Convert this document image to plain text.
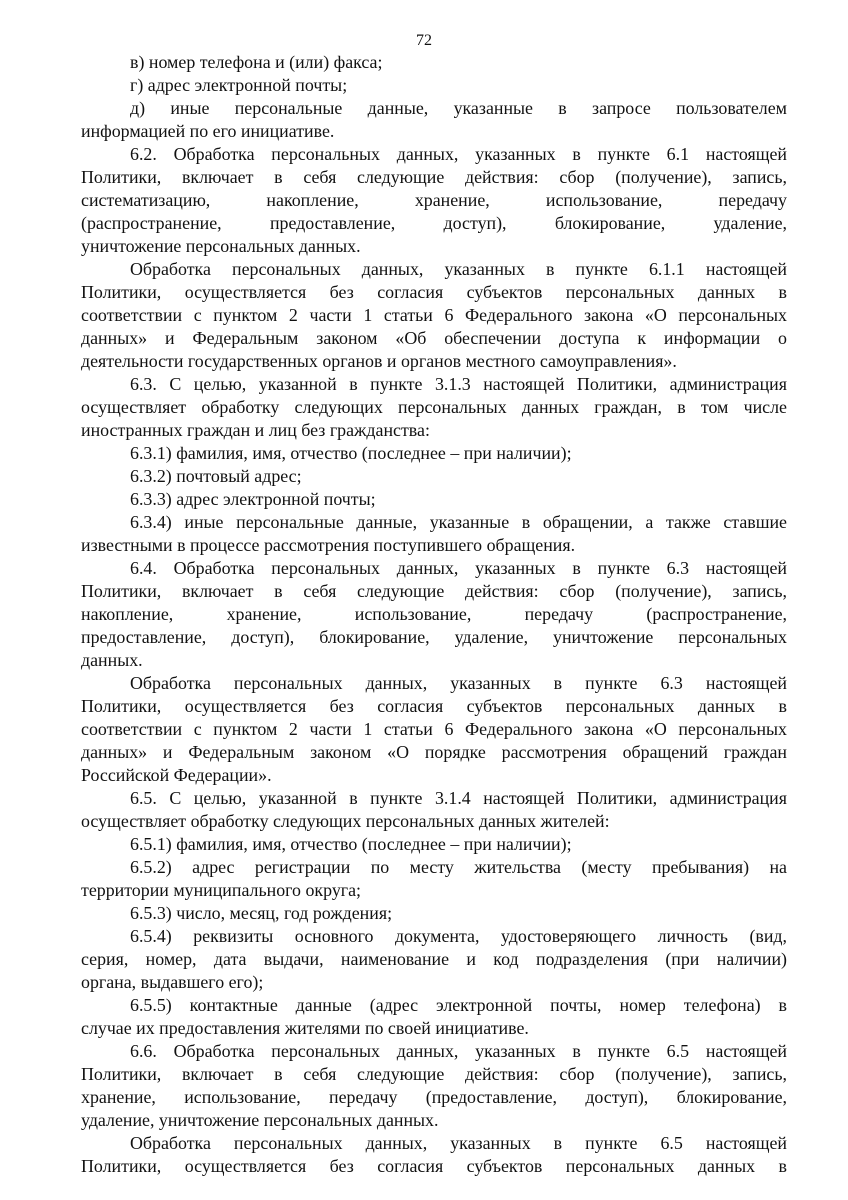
72
в) номер телефона и (или) факса;
г) адрес электронной почты;
д) иные персональные данные, указанные в запросе пользователем
информацией по его инициативе.
6.2. Обработка персональных данных, указанных в пункте 6.1 настоящей
Политики, включает в себя следующие действия: сбор (получение), запись,
систематизацию, накопление, хранение, использование, передачу
(распространение, предоставление, доступ), блокирование, удаление,
уничтожение персональных данных.
Обработка персональных данных, указанных в пункте 6.1.1 настоящей
Политики, осуществляется без согласия субъектов персональных данных в
соответствии с пунктом 2 части 1 статьи 6 Федерального закона «О персональных
данных» и Федеральным законом «Об обеспечении доступа к информации о
деятельности государственных органов и органов местного самоуправления».
6.3. С целью, указанной в пункте 3.1.3 настоящей Политики, администрация
осуществляет обработку следующих персональных данных граждан, в том числе
иностранных граждан и лиц без гражданства:
6.3.1) фамилия, имя, отчество (последнее – при наличии);
6.3.2) почтовый адрес;
6.3.3) адрес электронной почты;
6.3.4) иные персональные данные, указанные в обращении, а также ставшие
известными в процессе рассмотрения поступившего обращения.
6.4. Обработка персональных данных, указанных в пункте 6.3 настоящей
Политики, включает в себя следующие действия: сбор (получение), запись,
накопление, хранение, использование, передачу (распространение,
предоставление, доступ), блокирование, удаление, уничтожение персональных
данных.
Обработка персональных данных, указанных в пункте 6.3 настоящей
Политики, осуществляется без согласия субъектов персональных данных в
соответствии с пунктом 2 части 1 статьи 6 Федерального закона «О персональных
данных» и Федеральным законом «О порядке рассмотрения обращений граждан
Российской Федерации».
6.5. С целью, указанной в пункте 3.1.4 настоящей Политики, администрация
осуществляет обработку следующих персональных данных жителей:
6.5.1) фамилия, имя, отчество (последнее – при наличии);
6.5.2) адрес регистрации по месту жительства (месту пребывания) на
территории муниципального округа;
6.5.3) число, месяц, год рождения;
6.5.4) реквизиты основного документа, удостоверяющего личность (вид,
серия, номер, дата выдачи, наименование и код подразделения (при наличии)
органа, выдавшего его);
6.5.5) контактные данные (адрес электронной почты, номер телефона) в
случае их предоставления жителями по своей инициативе.
6.6. Обработка персональных данных, указанных в пункте 6.5 настоящей
Политики, включает в себя следующие действия: сбор (получение), запись,
хранение, использование, передачу (предоставление, доступ), блокирование,
удаление, уничтожение персональных данных.
Обработка персональных данных, указанных в пункте 6.5 настоящей
Политики, осуществляется без согласия субъектов персональных данных в
